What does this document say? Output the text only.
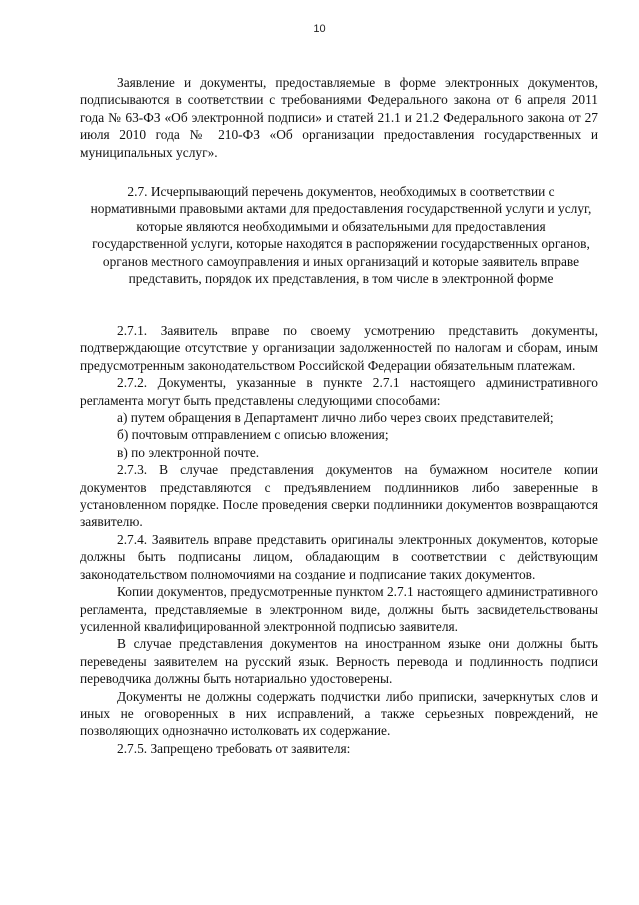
10

Заявление и документы, предоставляемые в форме электронных документов, подписываются в соответствии с требованиями Федерального закона от 6 апреля 2011 года № 63-ФЗ «Об электронной подписи» и статей 21.1 и 21.2 Федерального закона от 27 июля 2010 года № 210-ФЗ «Об организации предоставления государственных и муниципальных услуг».

2.7. Исчерпывающий перечень документов, необходимых в соответствии с нормативными правовыми актами для предоставления государственной услуги и услуг, которые являются необходимыми и обязательными для предоставления государственной услуги, которые находятся в распоряжении государственных органов, органов местного самоуправления и иных организаций и которые заявитель вправе представить, порядок их представления, в том числе в электронной форме

2.7.1. Заявитель вправе по своему усмотрению представить документы, подтверждающие отсутствие у организации задолженностей по налогам и сборам, иным предусмотренным законодательством Российской Федерации обязательным платежам.

2.7.2. Документы, указанные в пункте 2.7.1 настоящего административного регламента могут быть представлены следующими способами:

а) путем обращения в Департамент лично либо через своих представителей;

б) почтовым отправлением с описью вложения;

в) по электронной почте.

2.7.3. В случае представления документов на бумажном носителе копии документов представляются с предъявлением подлинников либо заверенные в установленном порядке. После проведения сверки подлинники документов возвращаются заявителю.

2.7.4. Заявитель вправе представить оригиналы электронных документов, которые должны быть подписаны лицом, обладающим в соответствии с действующим законодательством полномочиями на создание и подписание таких документов.

Копии документов, предусмотренные пунктом 2.7.1 настоящего административного регламента, представляемые в электронном виде, должны быть засвидетельствованы усиленной квалифицированной электронной подписью заявителя.

В случае представления документов на иностранном языке они должны быть переведены заявителем на русский язык. Верность перевода и подлинность подписи переводчика должны быть нотариально удостоверены.

Документы не должны содержать подчистки либо приписки, зачеркнутых слов и иных не оговоренных в них исправлений, а также серьезных повреждений, не позволяющих однозначно истолковать их содержание.

2.7.5. Запрещено требовать от заявителя:
